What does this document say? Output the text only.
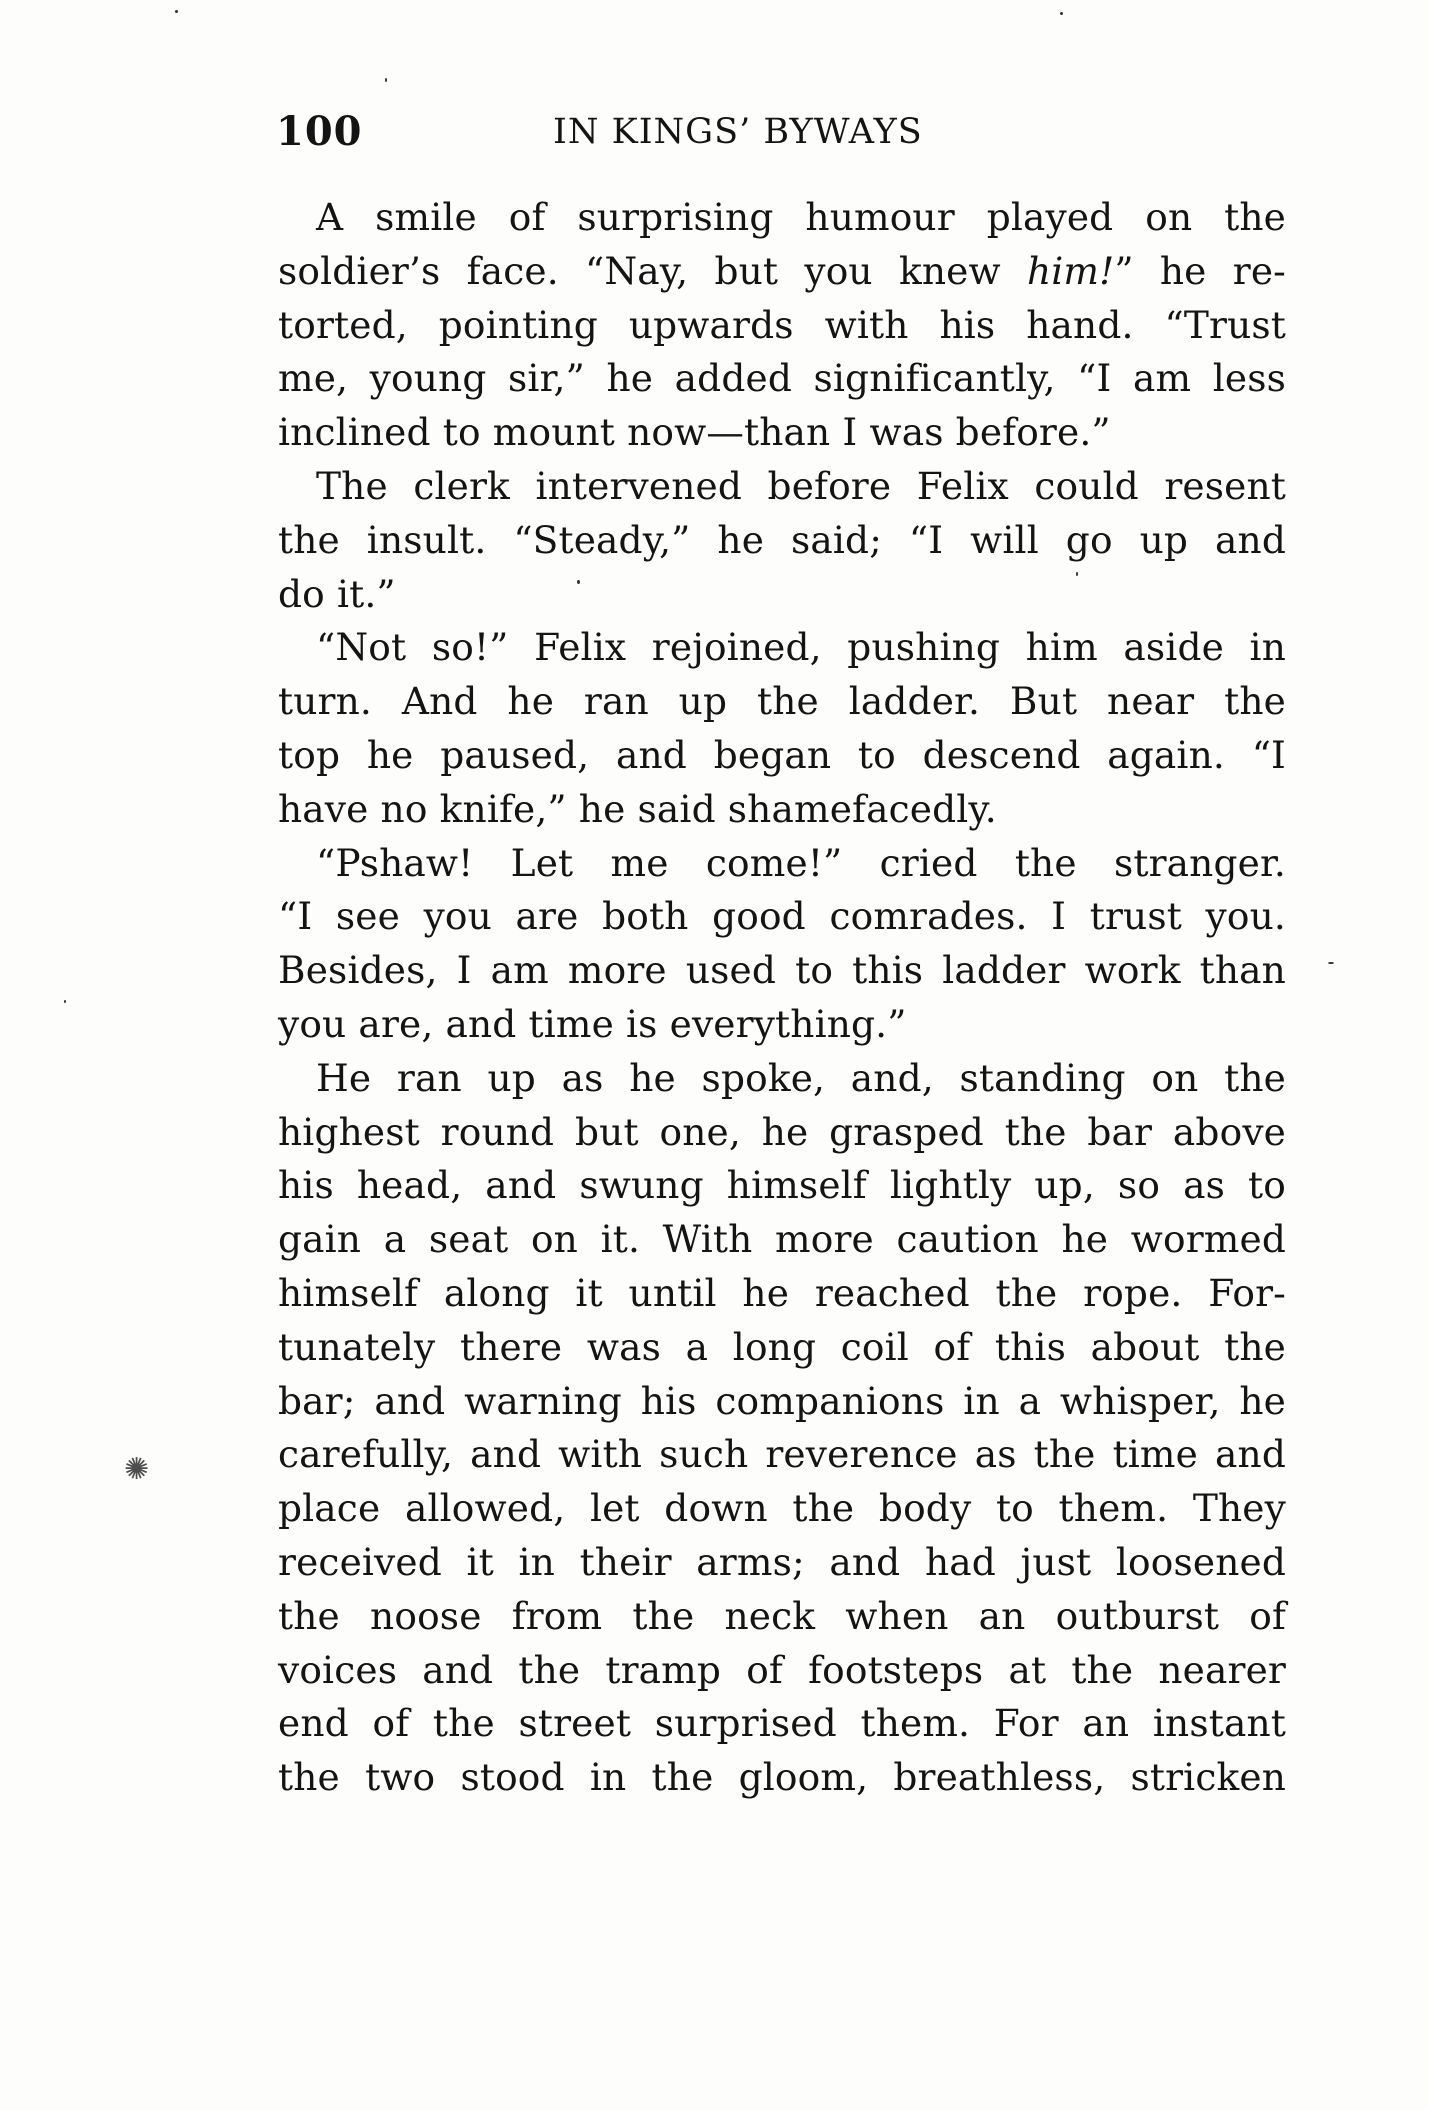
100	IN KINGS’ BYWAYS
A smile of surprising humour played on the
soldier’s face. “Nay, but you knew him!” he re-
torted, pointing upwards with his hand. “Trust
me, young sir,” he added significantly, “I am less
inclined to mount now—than I was before.”
The clerk intervened before Felix could resent
the insult. “Steady,” he said; “I will go up and
do it.”
“Not so!” Felix rejoined, pushing him aside in
turn. And he ran up the ladder. But near the
top he paused, and began to descend again. “I
have no knife,” he said shamefacedly.
“Pshaw! Let me come!” cried the stranger.
“I see you are both good comrades. I trust you.
Besides, I am more used to this ladder work than
you are, and time is everything.”
He ran up as he spoke, and, standing on the
highest round but one, he grasped the bar above
his head, and swung himself lightly up, so as to
gain a seat on it. With more caution he wormed
himself along it until he reached the rope. For-
tunately there was a long coil of this about the
bar; and warning his companions in a whisper, he
carefully, and with such reverence as the time and
place allowed, let down the body to them. They
received it in their arms; and had just loosened
the noose from the neck when an outburst of
voices and the tramp of footsteps at the nearer
end of the street surprised them. For an instant
the two stood in the gloom, breathless, stricken
✺
